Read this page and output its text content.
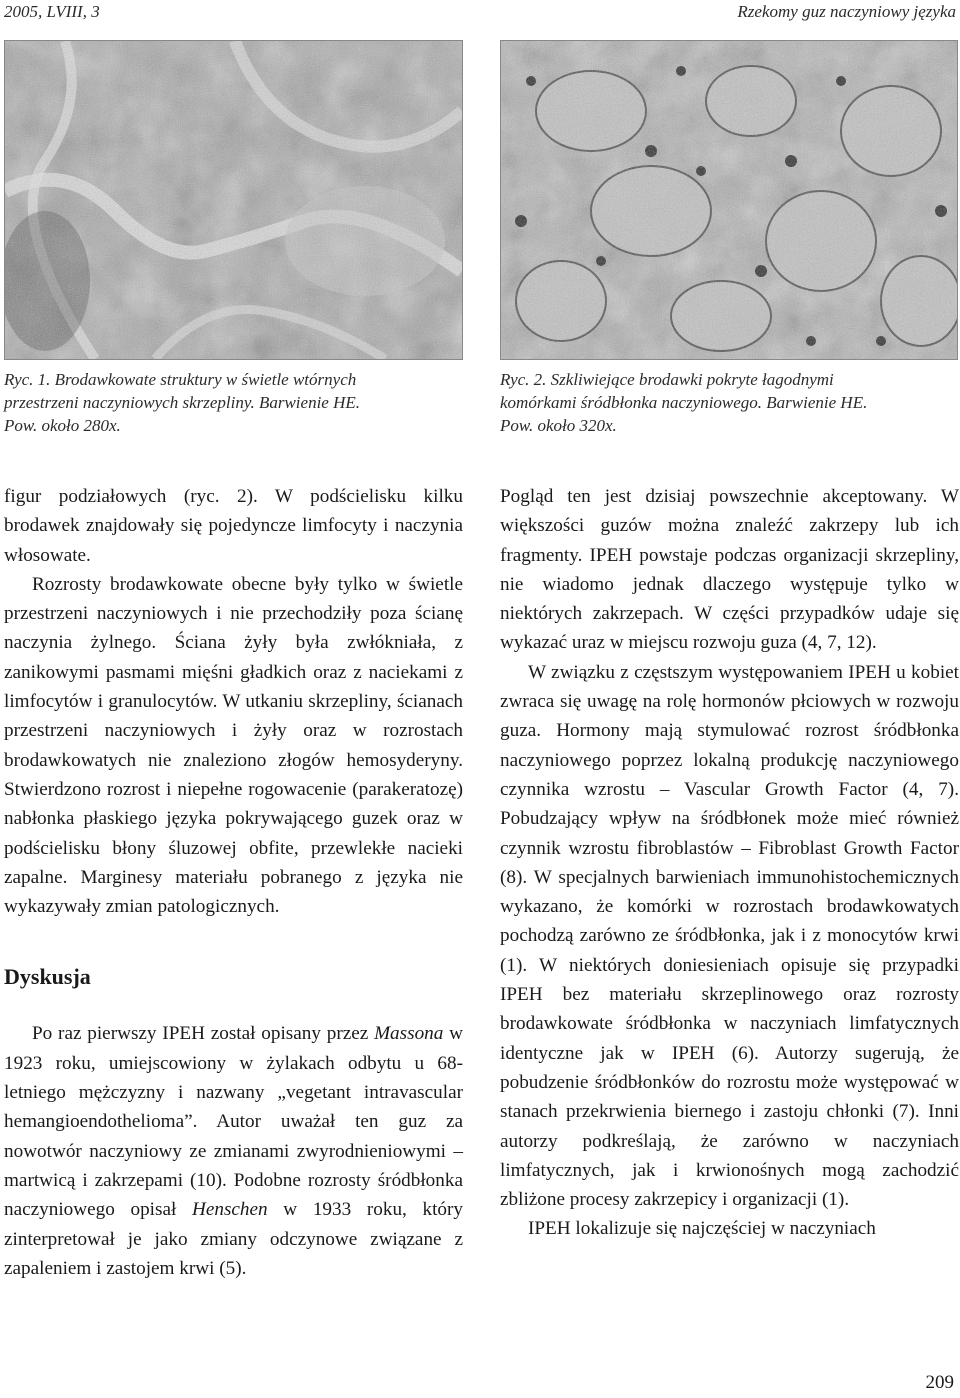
2005, LVIII, 3	Rzekomy guz naczyniowy języka
Ryc. 1. Brodawkowate struktury w świetle wtórnych
przestrzeni naczyniowych skrzepliny. Barwienie HE.
Pow. około 280x.
Ryc. 2. Szkliwiejące brodawki pokryte łagodnymi
komórkami śródbłonka naczyniowego. Barwienie HE.
Pow. około 320x.

figur podziałowych (ryc. 2). W podścielisku kilku brodawek znajdowały się pojedyncze limfocyty i naczynia włosowate.

Rozrosty brodawkowate obecne były tylko w świetle przestrzeni naczyniowych i nie przechodziły poza ścianę naczynia żylnego. Ściana żyły była zwłókniała, z zanikowymi pasmami mięśni gładkich oraz z naciekami z limfocytów i granulocytów. W utkaniu skrzepliny, ścianach przestrzeni naczyniowych i żyły oraz w rozrostach brodawkowatych nie znaleziono złogów hemosyderyny. Stwierdzono rozrost i niepełne rogowacenie (parakeratozę) nabłonka płaskiego języka pokrywającego guzek oraz w podścielisku błony śluzowej obfite, przewlekłe nacieki zapalne. Marginesy materiału pobranego z języka nie wykazywały zmian patologicznych.

Dyskusja

Po raz pierwszy IPEH został opisany przez Massona w 1923 roku, umiejscowiony w żylakach odbytu u 68-letniego mężczyzny i nazwany „vegetant intravascular hemangioendothelioma”. Autor uważał ten guz za nowotwór naczyniowy ze zmianami zwyrodnieniowymi – martwicą i zakrzepami (10). Podobne rozrosty śródbłonka naczyniowego opisał Henschen w 1933 roku, który zinterpretował je jako zmiany odczynowe związane z zapaleniem i zastojem krwi (5).

Pogląd ten jest dzisiaj powszechnie akceptowany. W większości guzów można znaleźć zakrzepy lub ich fragmenty. IPEH powstaje podczas organizacji skrzepliny, nie wiadomo jednak dlaczego występuje tylko w niektórych zakrzepach. W części przypadków udaje się wykazać uraz w miejscu rozwoju guza (4, 7, 12).

W związku z częstszym występowaniem IPEH u kobiet zwraca się uwagę na rolę hormonów płciowych w rozwoju guza. Hormony mają stymulować rozrost śródbłonka naczyniowego poprzez lokalną produkcję naczyniowego czynnika wzrostu – Vascular Growth Factor (4, 7). Pobudzający wpływ na śródbłonek może mieć również czynnik wzrostu fibroblastów – Fibroblast Growth Factor (8). W specjalnych barwieniach immunohistochemicznych wykazano, że komórki w rozrostach brodawkowatych pochodzą zarówno ze śródbłonka, jak i z monocytów krwi (1). W niektórych doniesieniach opisuje się przypadki IPEH bez materiału skrzeplinowego oraz rozrosty brodawkowate śródbłonka w naczyniach limfatycznych identyczne jak w IPEH (6). Autorzy sugerują, że pobudzenie śródbłonków do rozrostu może występować w stanach przekrwienia biernego i zastoju chłonki (7). Inni autorzy podkreślają, że zarówno w naczyniach limfatycznych, jak i krwionośnych mogą zachodzić zbliżone procesy zakrzepicy i organizacji (1).

IPEH lokalizuje się najczęściej w naczyniach

209
